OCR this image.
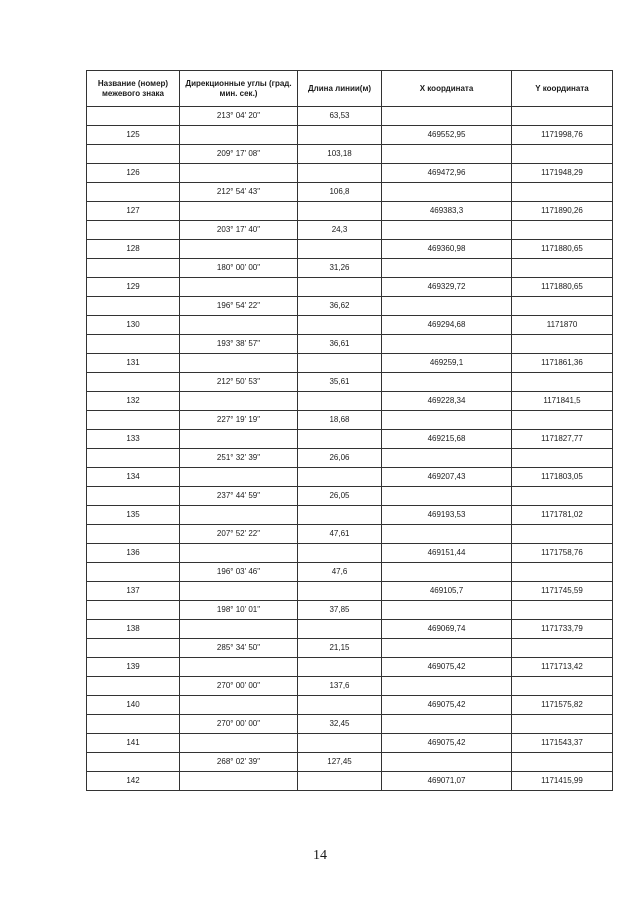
Название (номер) межевого знака	Дирекционные углы (град. мин. сек.)	Длина линии(м)	X координата	Y координата
	213° 04' 20"	63,53		
125			469552,95	1171998,76
	209° 17' 08"	103,18		
126			469472,96	1171948,29
	212° 54' 43"	106,8		
127			469383,3	1171890,26
	203° 17' 40"	24,3		
128			469360,98	1171880,65
	180° 00' 00"	31,26		
129			469329,72	1171880,65
	196° 54' 22"	36,62		
130			469294,68	1171870
	193° 38' 57"	36,61		
131			469259,1	1171861,36
	212° 50' 53"	35,61		
132			469228,34	1171841,5
	227° 19' 19"	18,68		
133			469215,68	1171827,77
	251° 32' 39"	26,06		
134			469207,43	1171803,05
	237° 44' 59"	26,05		
135			469193,53	1171781,02
	207° 52' 22"	47,61		
136			469151,44	1171758,76
	196° 03' 46"	47,6		
137			469105,7	1171745,59
	198° 10' 01"	37,85		
138			469069,74	1171733,79
	285° 34' 50"	21,15		
139			469075,42	1171713,42
	270° 00' 00"	137,6		
140			469075,42	1171575,82
	270° 00' 00"	32,45		
141			469075,42	1171543,37
	268° 02' 39"	127,45		
142			469071,07	1171415,99
14
